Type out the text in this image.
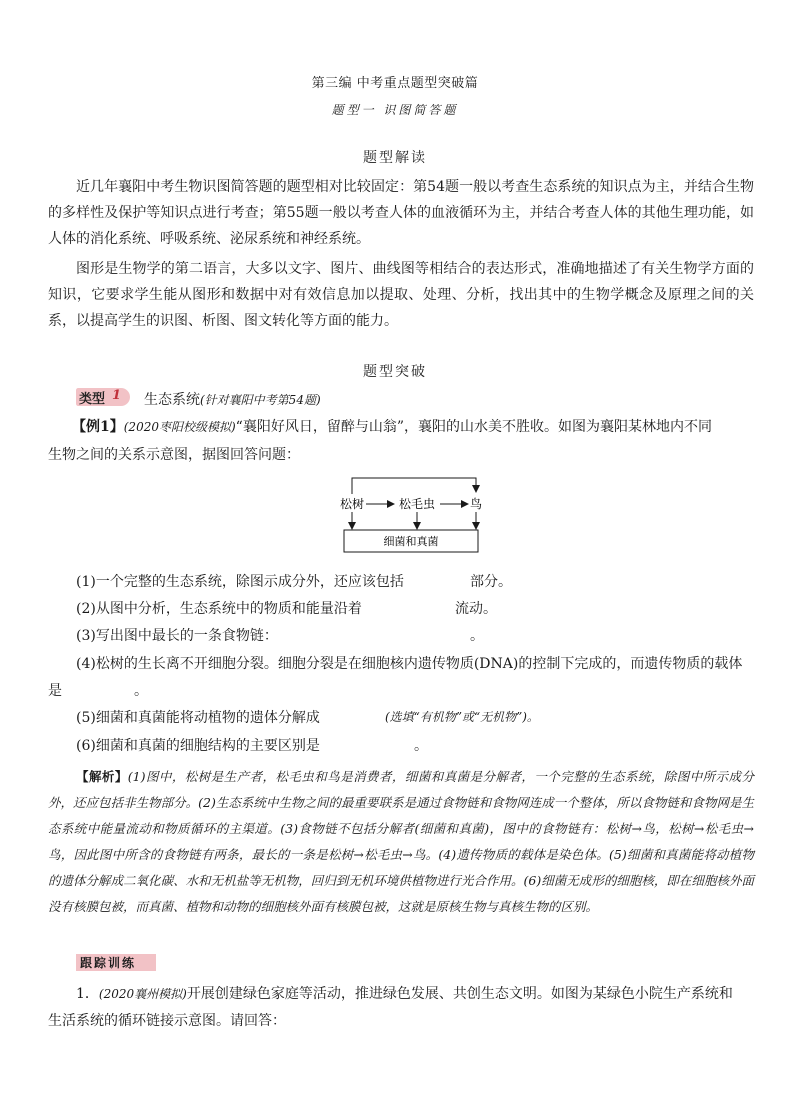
第三编 中考重点题型突破篇
题型一 识图简答题
题型解读
近几年襄阳中考生物识图简答题的题型相对比较固定：第54题一般以考查生态系统的知识点为主，并结合生物的多样性及保护等知识点进行考查；第55题一般以考查人体的血液循环为主，并结合考查人体的其他生理功能，如人体的消化系统、呼吸系统、泌尿系统和神经系统。
图形是生物学的第二语言，大多以文字、图片、曲线图等相结合的表达形式，准确地描述了有关生物学方面的知识，它要求学生能从图形和数据中对有效信息加以提取、处理、分析，找出其中的生物学概念及原理之间的关系，以提高学生的识图、析图、图文转化等方面的能力。
题型突破
类型 1 生态系统(针对襄阳中考第54题)
【例1】(2020枣阳校级模拟)“襄阳好风日，留醉与山翁”，襄阳的山水美不胜收。如图为襄阳某林地内不同
生物之间的关系示意图，据图回答问题：
松树	松毛虫	鸟
细菌和真菌
(1)一个完整的生态系统，除图示成分外，还应该包括	部分。
(2)从图中分析，生态系统中的物质和能量沿着	流动。
(3)写出图中最长的一条食物链：	。
(4)松树的生长离不开细胞分裂。细胞分裂是在细胞核内遗传物质(DNA)的控制下完成的，而遗传物质的载体
是	。
(5)细菌和真菌能将动植物的遗体分解成	(选填“有机物”或“无机物”)。
(6)细菌和真菌的细胞结构的主要区别是	。
【解析】(1)图中，松树是生产者，松毛虫和鸟是消费者，细菌和真菌是分解者，一个完整的生态系统，除图中所示成分外，还应包括非生物部分。(2)生态系统中生物之间的最重要联系是通过食物链和食物网连成一个整体，所以食物链和食物网是生态系统中能量流动和物质循环的主渠道。(3)食物链不包括分解者(细菌和真菌)，图中的食物链有：松树→鸟，松树→松毛虫→鸟，因此图中所含的食物链有两条，最长的一条是松树→松毛虫→鸟。(4)遗传物质的载体是染色体。(5)细菌和真菌能将动植物的遗体分解成二氧化碳、水和无机盐等无机物，回归到无机环境供植物进行光合作用。(6)细菌无成形的细胞核，即在细胞核外面没有核膜包被，而真菌、植物和动物的细胞核外面有核膜包被，这就是原核生物与真核生物的区别。
跟踪训练
1．(2020襄州模拟)开展创建绿色家庭等活动，推进绿色发展、共创生态文明。如图为某绿色小院生产系统和
生活系统的循环链接示意图。请回答：
